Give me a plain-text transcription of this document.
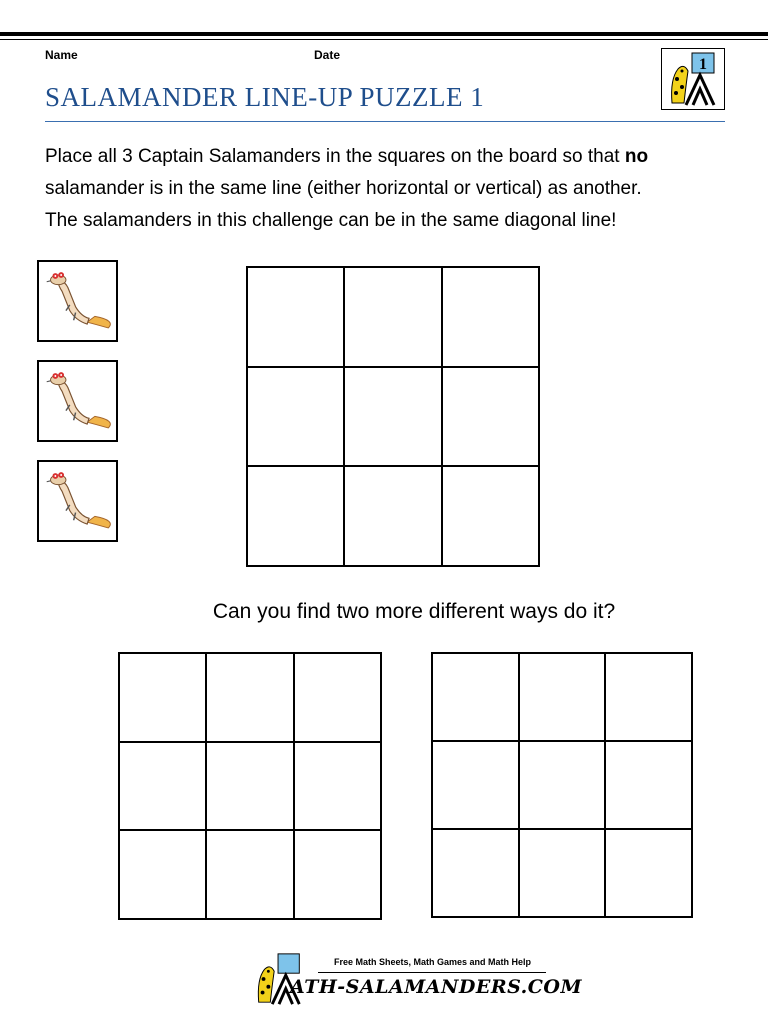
Name	Date
SALAMANDER LINE-UP PUZZLE 1
1
Place all 3 Captain Salamanders in the squares on the board so that no
salamander is in the same line (either horizontal or vertical) as another.
The salamanders in this challenge can be in the same diagonal line!
Can you find two more different ways do it?
Free Math Sheets, Math Games and Math Help
ATH-SALAMANDERS.COM
